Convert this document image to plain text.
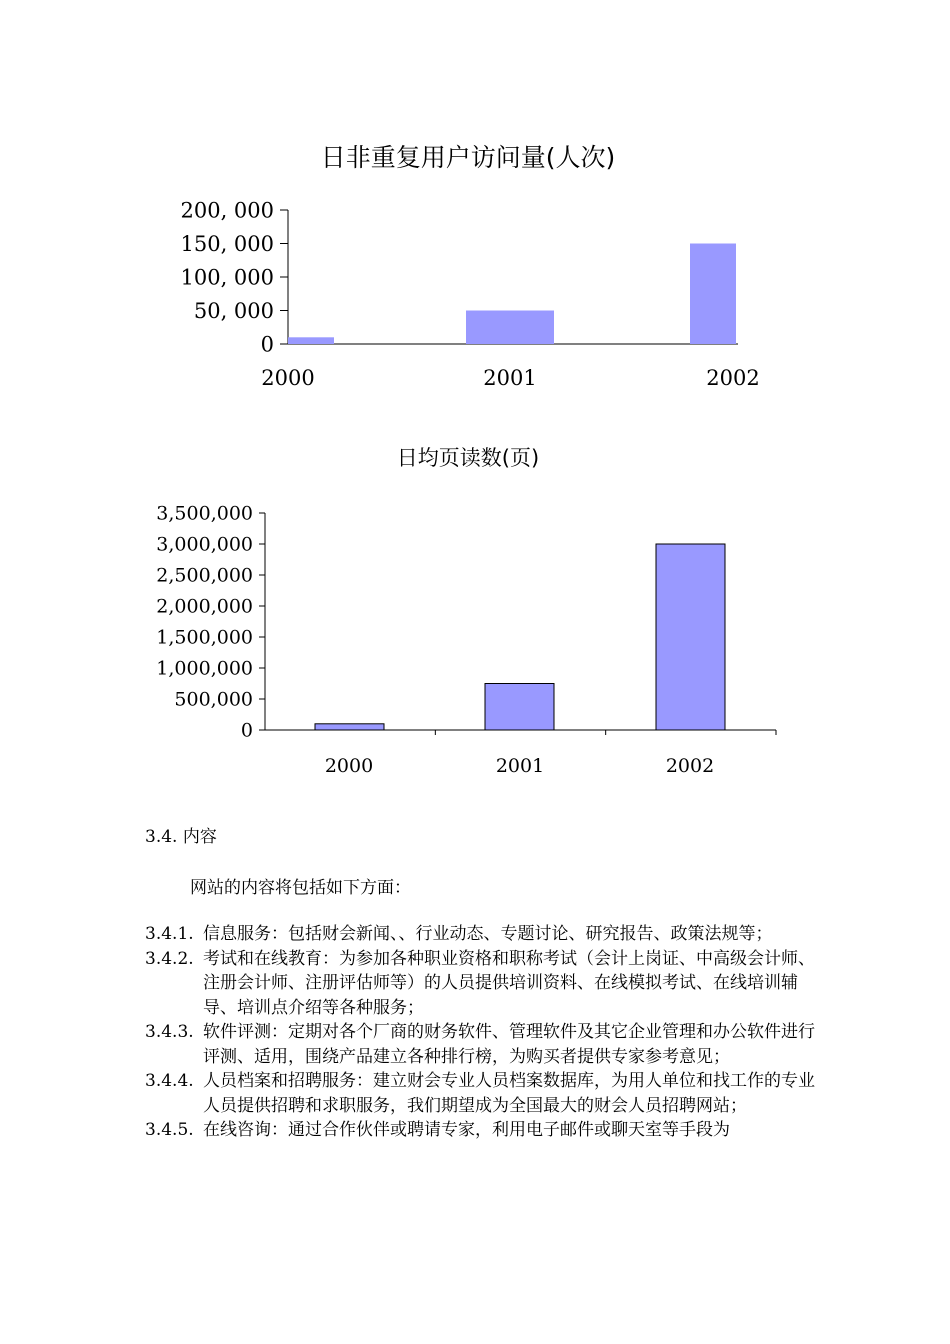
日非重复用户访问量(人次)
0
50, 000
100, 000
150, 000
200, 000
2000	2001	2002
日均页读数(页)
0
500,000
1,000,000
1,500,000
2,000,000
2,500,000
3,000,000
3,500,000
2000	2001	2002
3.4. 内容
网站的内容将包括如下方面：
3.4.1. 信息服务：包括财会新闻、、行业动态、专题讨论、研究报告、政策法规等；
3.4.2. 考试和在线教育：为参加各种职业资格和职称考试（会计上岗证、中高级会计师、注册会计师、注册评估师等）的人员提供培训资料、在线模拟考试、在线培训辅导、培训点介绍等各种服务；
3.4.3. 软件评测：定期对各个厂商的财务软件、管理软件及其它企业管理和办公软件进行评测、适用，围绕产品建立各种排行榜，为购买者提供专家参考意见；
3.4.4. 人员档案和招聘服务：建立财会专业人员档案数据库，为用人单位和找工作的专业人员提供招聘和求职服务，我们期望成为全国最大的财会人员招聘网站；
3.4.5. 在线咨询：通过合作伙伴或聘请专家，利用电子邮件或聊天室等手段为
